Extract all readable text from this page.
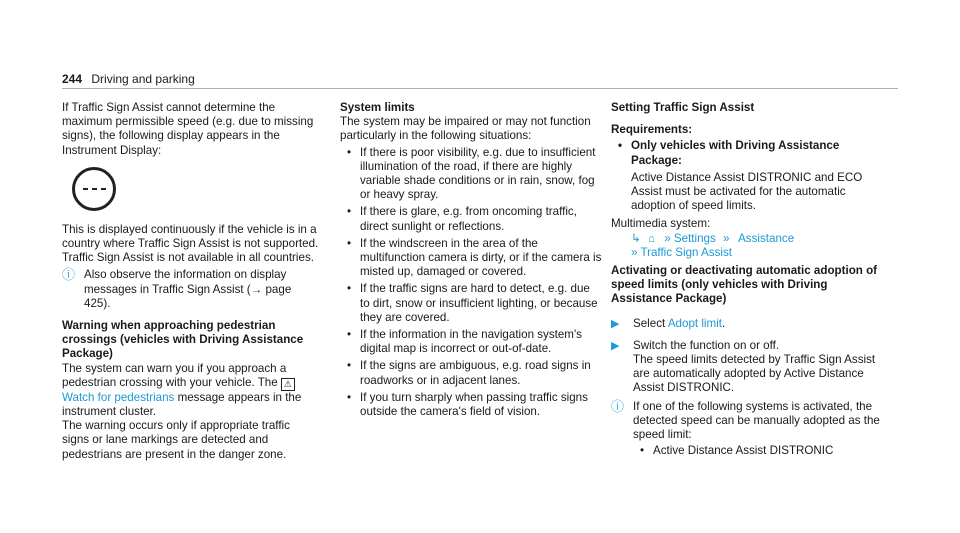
244 Driving and parking

If Traffic Sign Assist cannot determine the maximum permissible speed (e.g. due to missing signs), the following display appears in the Instrument Display:

This is displayed continuously if the vehicle is in a country where Traffic Sign Assist is not supported. Traffic Sign Assist is not available in all countries.

ⓘ Also observe the information on display messages in Traffic Sign Assist (→ page 425).

Warning when approaching pedestrian crossings (vehicles with Driving Assistance Package)

The system can warn you if you approach a pedestrian crossing with your vehicle. The ⚠ Watch for pedestrians message appears in the instrument cluster.

The warning occurs only if appropriate traffic signs or lane markings are detected and pedestrians are present in the danger zone.

System limits

The system may be impaired or may not function particularly in the following situations:

• If there is poor visibility, e.g. due to insufficient illumination of the road, if there are highly variable shade conditions or in rain, snow, fog or heavy spray.
• If there is glare, e.g. from oncoming traffic, direct sunlight or reflections.
• If the windscreen in the area of the multifunction camera is dirty, or if the camera is misted up, damaged or covered.
• If the traffic signs are hard to detect, e.g. due to dirt, snow or insufficient lighting, or because they are covered.
• If the information in the navigation system's digital map is incorrect or out-of-date.
• If the signs are ambiguous, e.g. road signs in roadworks or in adjacent lanes.
• If you turn sharply when passing traffic signs outside the camera's field of vision.

Setting Traffic Sign Assist

Requirements:

• Only vehicles with Driving Assistance Package:

Active Distance Assist DISTRONIC and ECO Assist must be activated for the automatic adoption of speed limits.

Multimedia system:

↳ ⌂ » Settings » Assistance
» Traffic Sign Assist

Activating or deactivating automatic adoption of speed limits (only vehicles with Driving Assistance Package)

▶ Select Adopt limit.
▶ Switch the function on or off.

The speed limits detected by Traffic Sign Assist are automatically adopted by Active Distance Assist DISTRONIC.

ⓘ If one of the following systems is activated, the detected speed can be manually adopted as the speed limit:

• Active Distance Assist DISTRONIC
